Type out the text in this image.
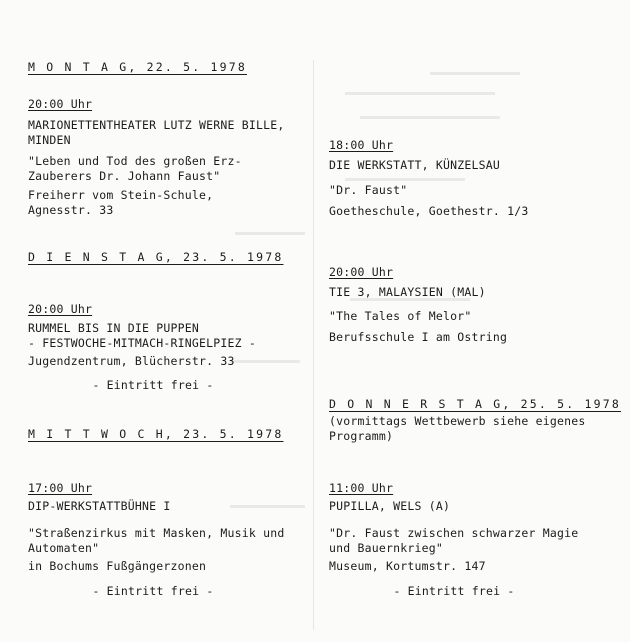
M O N T A G, 22. 5. 1978
20:00 Uhr
MARIONETTENTHEATER LUTZ WERNE BILLE,
MINDEN
"Leben und Tod des großen Erz-
Zauberers Dr. Johann Faust"
Freiherr vom Stein-Schule,
Agnesstr. 33
D I E N S T A G, 23. 5. 1978
20:00 Uhr
RUMMEL BIS IN DIE PUPPEN
- FESTWOCHE-MITMACH-RINGELPIEZ -
Jugendzentrum, Blücherstr. 33
- Eintritt frei -
M I T T W O C H, 23. 5. 1978
17:00 Uhr
DIP-WERKSTATTBÜHNE I
"Straßenzirkus mit Masken, Musik und
Automaten"
in Bochums Fußgängerzonen
- Eintritt frei -
18:00 Uhr
DIE WERKSTATT, KÜNZELSAU
"Dr. Faust"
Goetheschule, Goethestr. 1/3
20:00 Uhr
TIE 3, MALAYSIEN (MAL)
"The Tales of Melor"
Berufsschule I am Ostring
D O N N E R S T A G, 25. 5. 1978
(vormittags Wettbewerb siehe eigenes
Programm)
11:00 Uhr
PUPILLA, WELS (A)
"Dr. Faust zwischen schwarzer Magie
und Bauernkrieg"
Museum, Kortumstr. 147
- Eintritt frei -
